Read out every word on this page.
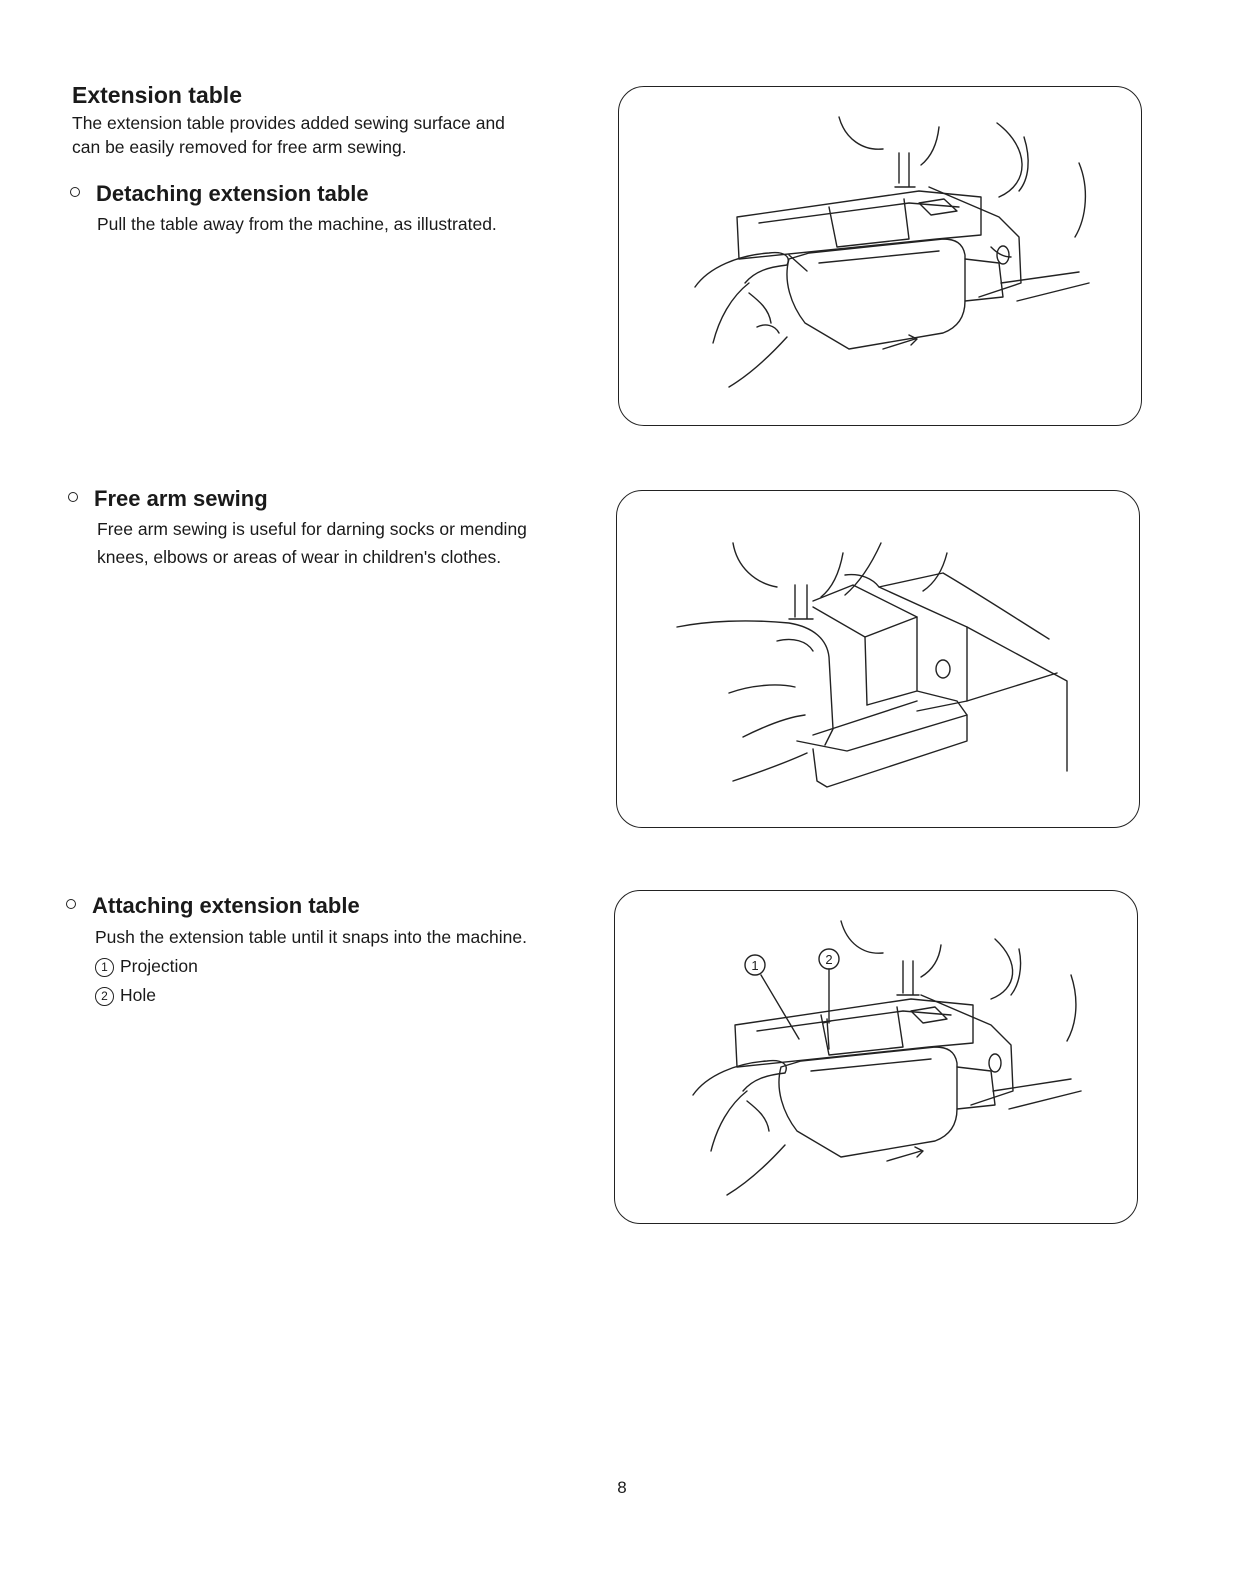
Extension table

The extension table provides added sewing surface and

can be easily removed for free arm sewing.

Detaching extension table

Pull the table away from the machine, as illustrated.

Free arm sewing

Free arm sewing is useful for darning socks or mending

knees, elbows or areas of wear in children's clothes.

Attaching extension table

Push the extension table until it snaps into the machine.

1 Projection
2 Hole
1	2
8
